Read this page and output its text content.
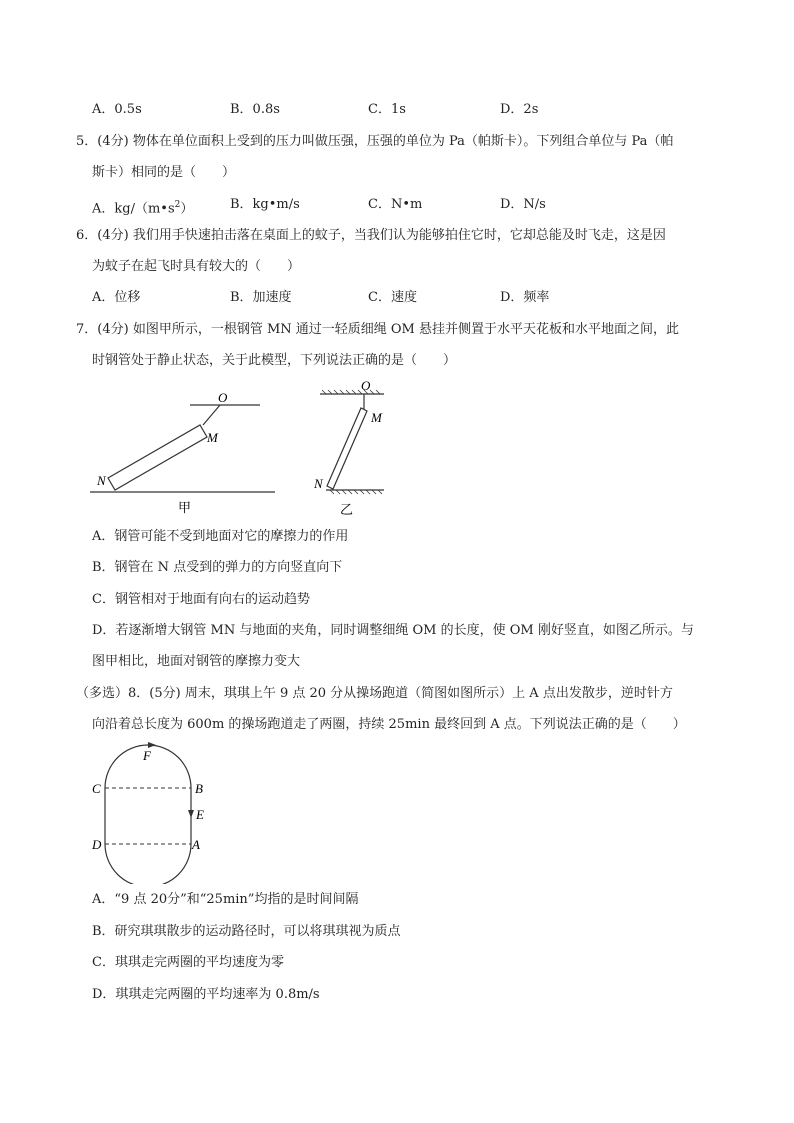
A．0.5s	B．0.8s	C．1s	D．2s
5．(4分) 物体在单位面积上受到的压力叫做压强，压强的单位为 Pa（帕斯卡）。下列组合单位与 Pa（帕
斯卡）相同的是（　　）
A．$kg/(m•s^2)$	B．kg•m/s	C．N•m	D．N/s
6．(4分) 我们用手快速拍击落在桌面上的蚊子，当我们认为能够拍住它时，它却总能及时飞走，这是因
为蚊子在起飞时具有较大的（　　）
A．位移	B．加速度	C．速度	D．频率
7．(4分) 如图甲所示，一根钢管 MN 通过一轻质细绳 OM 悬挂并侧置于水平天花板和水平地面之间，此
时钢管处于静止状态，关于此模型，下列说法正确的是（　　）
O
M
N
甲
O
M
N
乙
A．钢管可能不受到地面对它的摩擦力的作用
B．钢管在 N 点受到的弹力的方向竖直向下
C．钢管相对于地面有向右的运动趋势
D．若逐渐增大钢管 MN 与地面的夹角，同时调整细绳 OM 的长度，使 OM 刚好竖直，如图乙所示。与
图甲相比，地面对钢管的摩擦力变大
（多选）8．(5分) 周末，琪琪上午 9 点 20 分从操场跑道（简图如图所示）上 A 点出发散步，逆时针方
向沿着总长度为 600m 的操场跑道走了两圈，持续 25min 最终回到 A 点。下列说法正确的是（　　）
F
C	B
E
D	A
A．“9 点 20分”和“25min”均指的是时间间隔
B．研究琪琪散步的运动路径时，可以将琪琪视为质点
C．琪琪走完两圈的平均速度为零
D．琪琪走完两圈的平均速率为 0.8m/s
